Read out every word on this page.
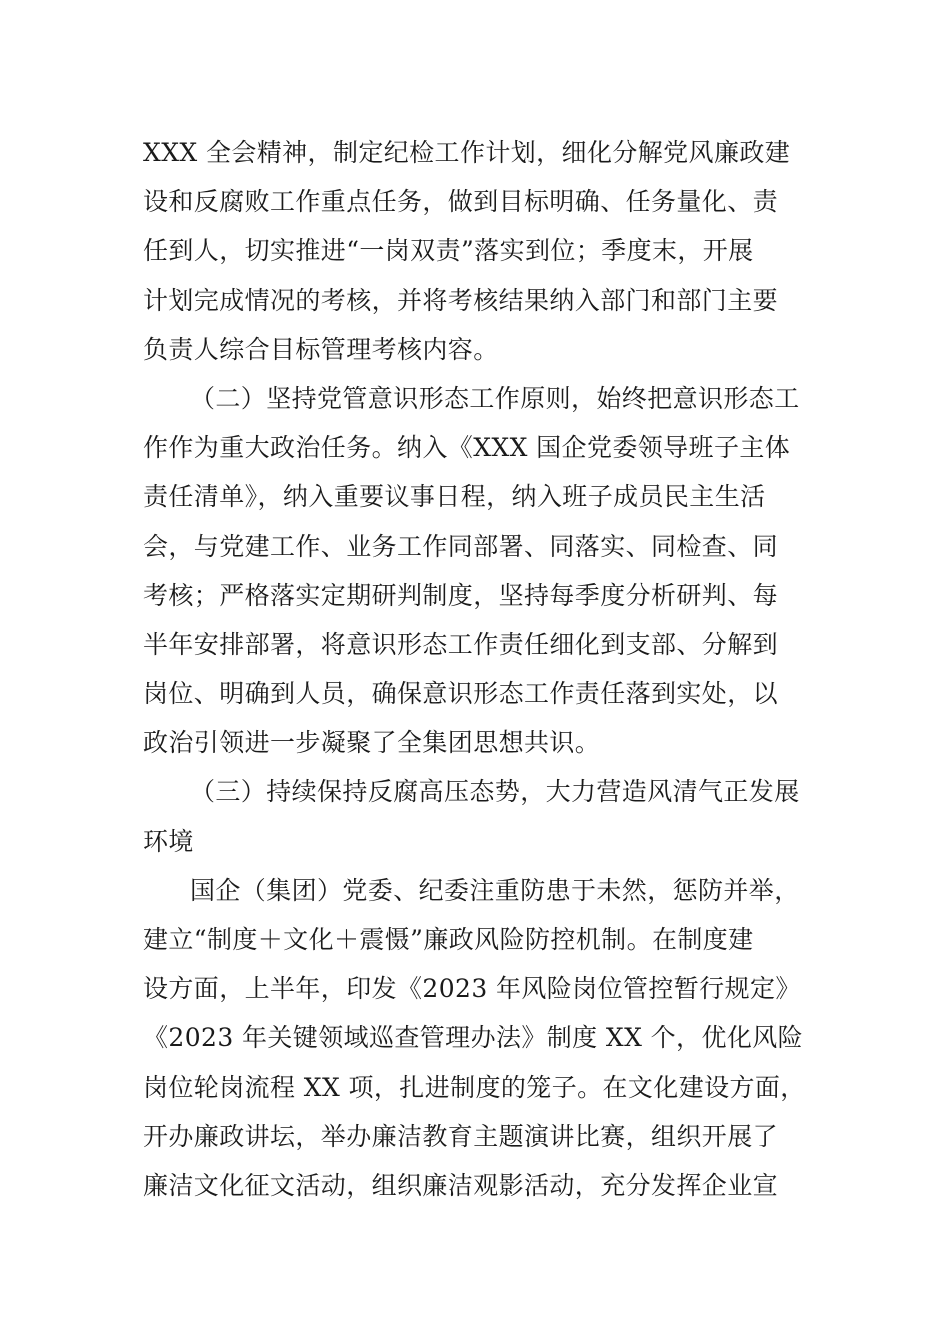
XXX 全会精神，制定纪检工作计划，细化分解党风廉政建
设和反腐败工作重点任务，做到目标明确、任务量化、责
任到人，切实推进“一岗双责”落实到位；季度末，开展
计划完成情况的考核，并将考核结果纳入部门和部门主要
负责人综合目标管理考核内容。
（二）坚持党管意识形态工作原则，始终把意识形态工
作作为重大政治任务。纳入《XXX 国企党委领导班子主体
责任清单》，纳入重要议事日程，纳入班子成员民主生活
会，与党建工作、业务工作同部署、同落实、同检查、同
考核；严格落实定期研判制度，坚持每季度分析研判、每
半年安排部署，将意识形态工作责任细化到支部、分解到
岗位、明确到人员，确保意识形态工作责任落到实处，以
政治引领进一步凝聚了全集团思想共识。
（三）持续保持反腐高压态势，大力营造风清气正发展
环境
国企（集团）党委、纪委注重防患于未然，惩防并举，
建立“制度＋文化＋震慑”廉政风险防控机制。在制度建
设方面，上半年，印发《2023 年风险岗位管控暂行规定》
《2023 年关键领域巡查管理办法》制度 XX 个，优化风险
岗位轮岗流程 XX 项，扎进制度的笼子。在文化建设方面，
开办廉政讲坛，举办廉洁教育主题演讲比赛，组织开展了
廉洁文化征文活动，组织廉洁观影活动，充分发挥企业宣
